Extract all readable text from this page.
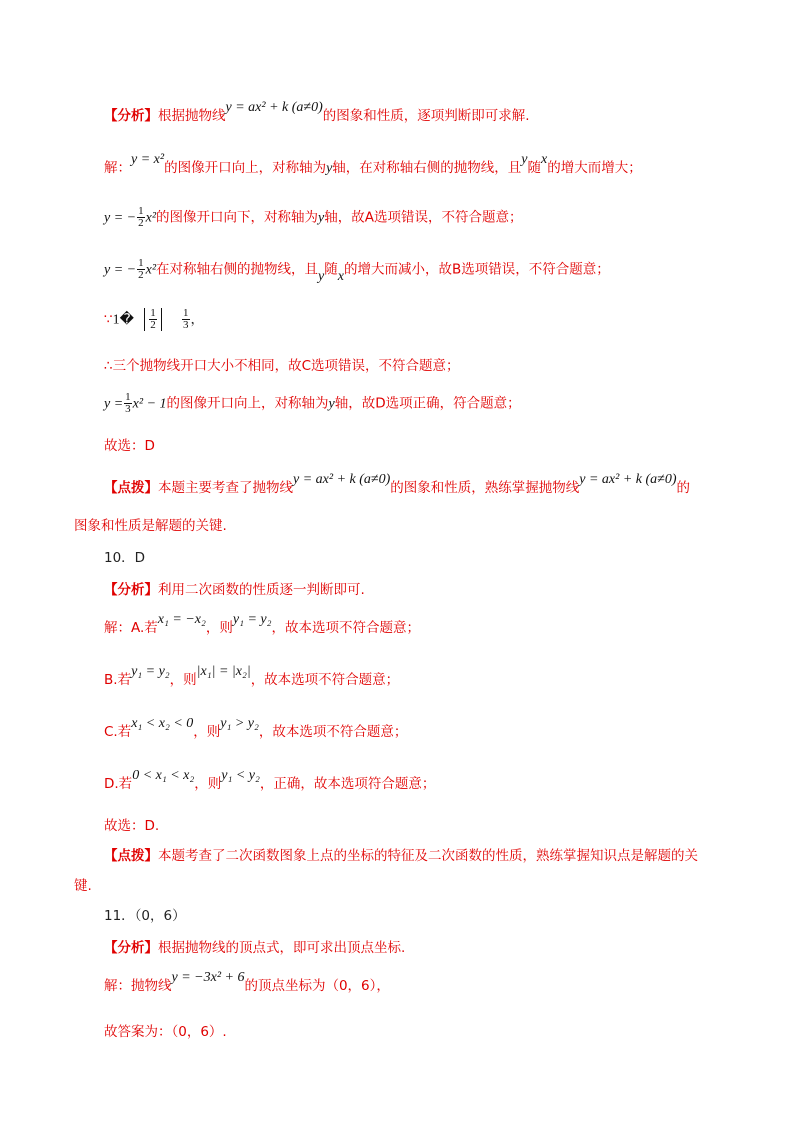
【分析】根据抛物线y = ax² + k (a≠0)的图象和性质，逐项判断即可求解.
解：y = x²的图像开口向上，对称轴为y轴，在对称轴右侧的抛物线，且y随x的增大而增大；
y = − $\frac{1}{2} x^2$的图像开口向下，对称轴为y轴，故A选项错误，不符合题意；
y = − $\frac{1}{2} x^2$在对称轴右侧的抛物线，且y随x的增大而减小，故B选项错误，不符合题意；
∵1� $\frac{1}{2}$
$\frac{1}{3}$ ，
∴三个抛物线开口大小不相同，故C选项错误，不符合题意；
$y = \frac{1}{3} x^2 - 1$的图像开口向上，对称轴为y轴，故D选项正确，符合题意；
故选：D
【点拨】本题主要考查了抛物线y = ax² + k (a≠0)的图象和性质，熟练掌握抛物线y = ax² + k (a≠0)的
图象和性质是解题的关键.
10．D
【分析】利用二次函数的性质逐一判断即可.
解：A.若x₁ = −x₂，则y₁ = y₂，故本选项不符合题意；
B.若y₁ = y₂，则|x₁| = |x₂|，故本选项不符合题意；
C.若x₁ < x₂ < 0，则y₁ > y₂，故本选项不符合题意；
D.若0 < x₁ < x₂，则y₁ < y₂，正确，故本选项符合题意；
故选：D.
【点拨】本题考查了二次函数图象上点的坐标的特征及二次函数的性质，熟练掌握知识点是解题的关
键.
11．（0，6）
【分析】根据抛物线的顶点式，即可求出顶点坐标.
解：抛物线y = −3x² + 6的顶点坐标为（0，6），
故答案为：（0，6）.
